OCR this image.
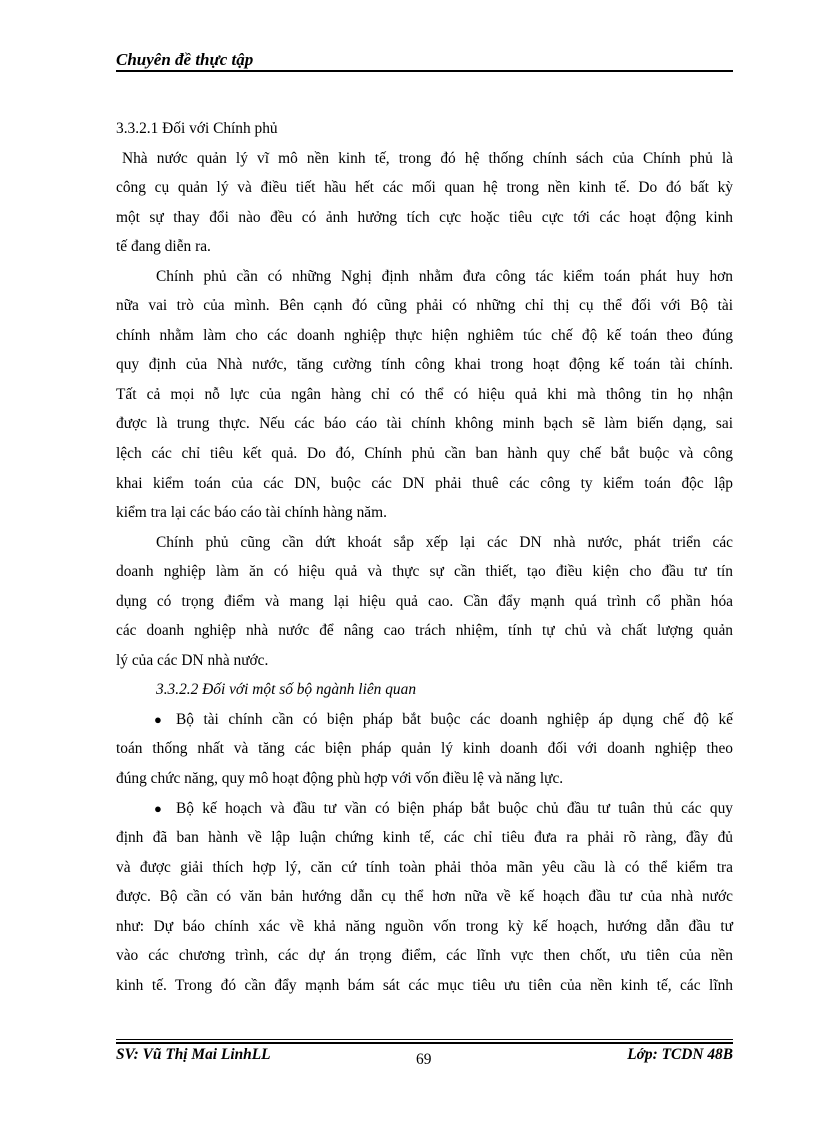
Chuyên đề thực tập
3.3.2.1 Đối với Chính phủ
Nhà nước quản lý vĩ mô nền kinh tế, trong đó hệ thống chính sách của Chính phủ là
công cụ quản lý và điều tiết hầu hết các mối quan hệ trong nền kinh tế. Do đó bất kỳ
một sự thay đổi nào đều có ảnh hưởng tích cực hoặc tiêu cực tới các hoạt động kinh
tế đang diễn ra.
Chính phủ cần có những Nghị định nhằm đưa công tác kiểm toán phát huy hơn
nữa vai trò của mình. Bên cạnh đó cũng phải có những chỉ thị cụ thể đối với Bộ tài
chính nhằm làm cho các doanh nghiệp thực hiện nghiêm túc chế độ kế toán theo đúng
quy định của Nhà nước, tăng cường tính công khai trong hoạt động kế toán tài chính.
Tất cả mọi nỗ lực của ngân hàng chỉ có thể có hiệu quả khi mà thông tin họ nhận
được là trung thực. Nếu các báo cáo tài chính không minh bạch sẽ làm biến dạng, sai
lệch các chỉ tiêu kết quả. Do đó, Chính phủ cần ban hành quy chế bắt buộc và công
khai kiểm toán của các DN, buộc các DN phải thuê các công ty kiểm toán độc lập
kiểm tra lại các báo cáo tài chính hàng năm.
Chính phủ cũng cần dứt khoát sắp xếp lại các DN nhà nước, phát triển các
doanh nghiệp làm ăn có hiệu quả và thực sự cần thiết, tạo điều kiện cho đầu tư tín
dụng có trọng điểm và mang lại hiệu quả cao. Cần đẩy mạnh quá trình cổ phần hóa
các doanh nghiệp nhà nước để nâng cao trách nhiệm, tính tự chủ và chất lượng quản
lý của các DN nhà nước.
3.3.2.2 Đối với một số bộ ngành liên quan
● Bộ tài chính cần có biện pháp bắt buộc các doanh nghiệp áp dụng chế độ kế
toán thống nhất và tăng các biện pháp quản lý kinh doanh đối với doanh nghiệp theo
đúng chức năng, quy mô hoạt động phù hợp với vốn điều lệ và năng lực.
● Bộ kế hoạch và đầu tư vần có biện pháp bắt buộc chủ đầu tư tuân thủ các quy
định đã ban hành về lập luận chứng kinh tế, các chỉ tiêu đưa ra phải rõ ràng, đầy đủ
và được giải thích hợp lý, căn cứ tính toàn phải thỏa mãn yêu cầu là có thể kiểm tra
được. Bộ cần có văn bản hướng dẫn cụ thể hơn nữa về kế hoạch đầu tư của nhà nước
như: Dự báo chính xác về khả năng nguồn vốn trong kỳ kế hoạch, hướng dẫn đầu tư
vào các chương trình, các dự án trọng điểm, các lĩnh vực then chốt, ưu tiên của nền
kinh tế. Trong đó cần đẩy mạnh bám sát các mục tiêu ưu tiên của nền kinh tế, các lĩnh
SV: Vũ Thị Mai LinhLL	69	Lớp: TCDN 48B
